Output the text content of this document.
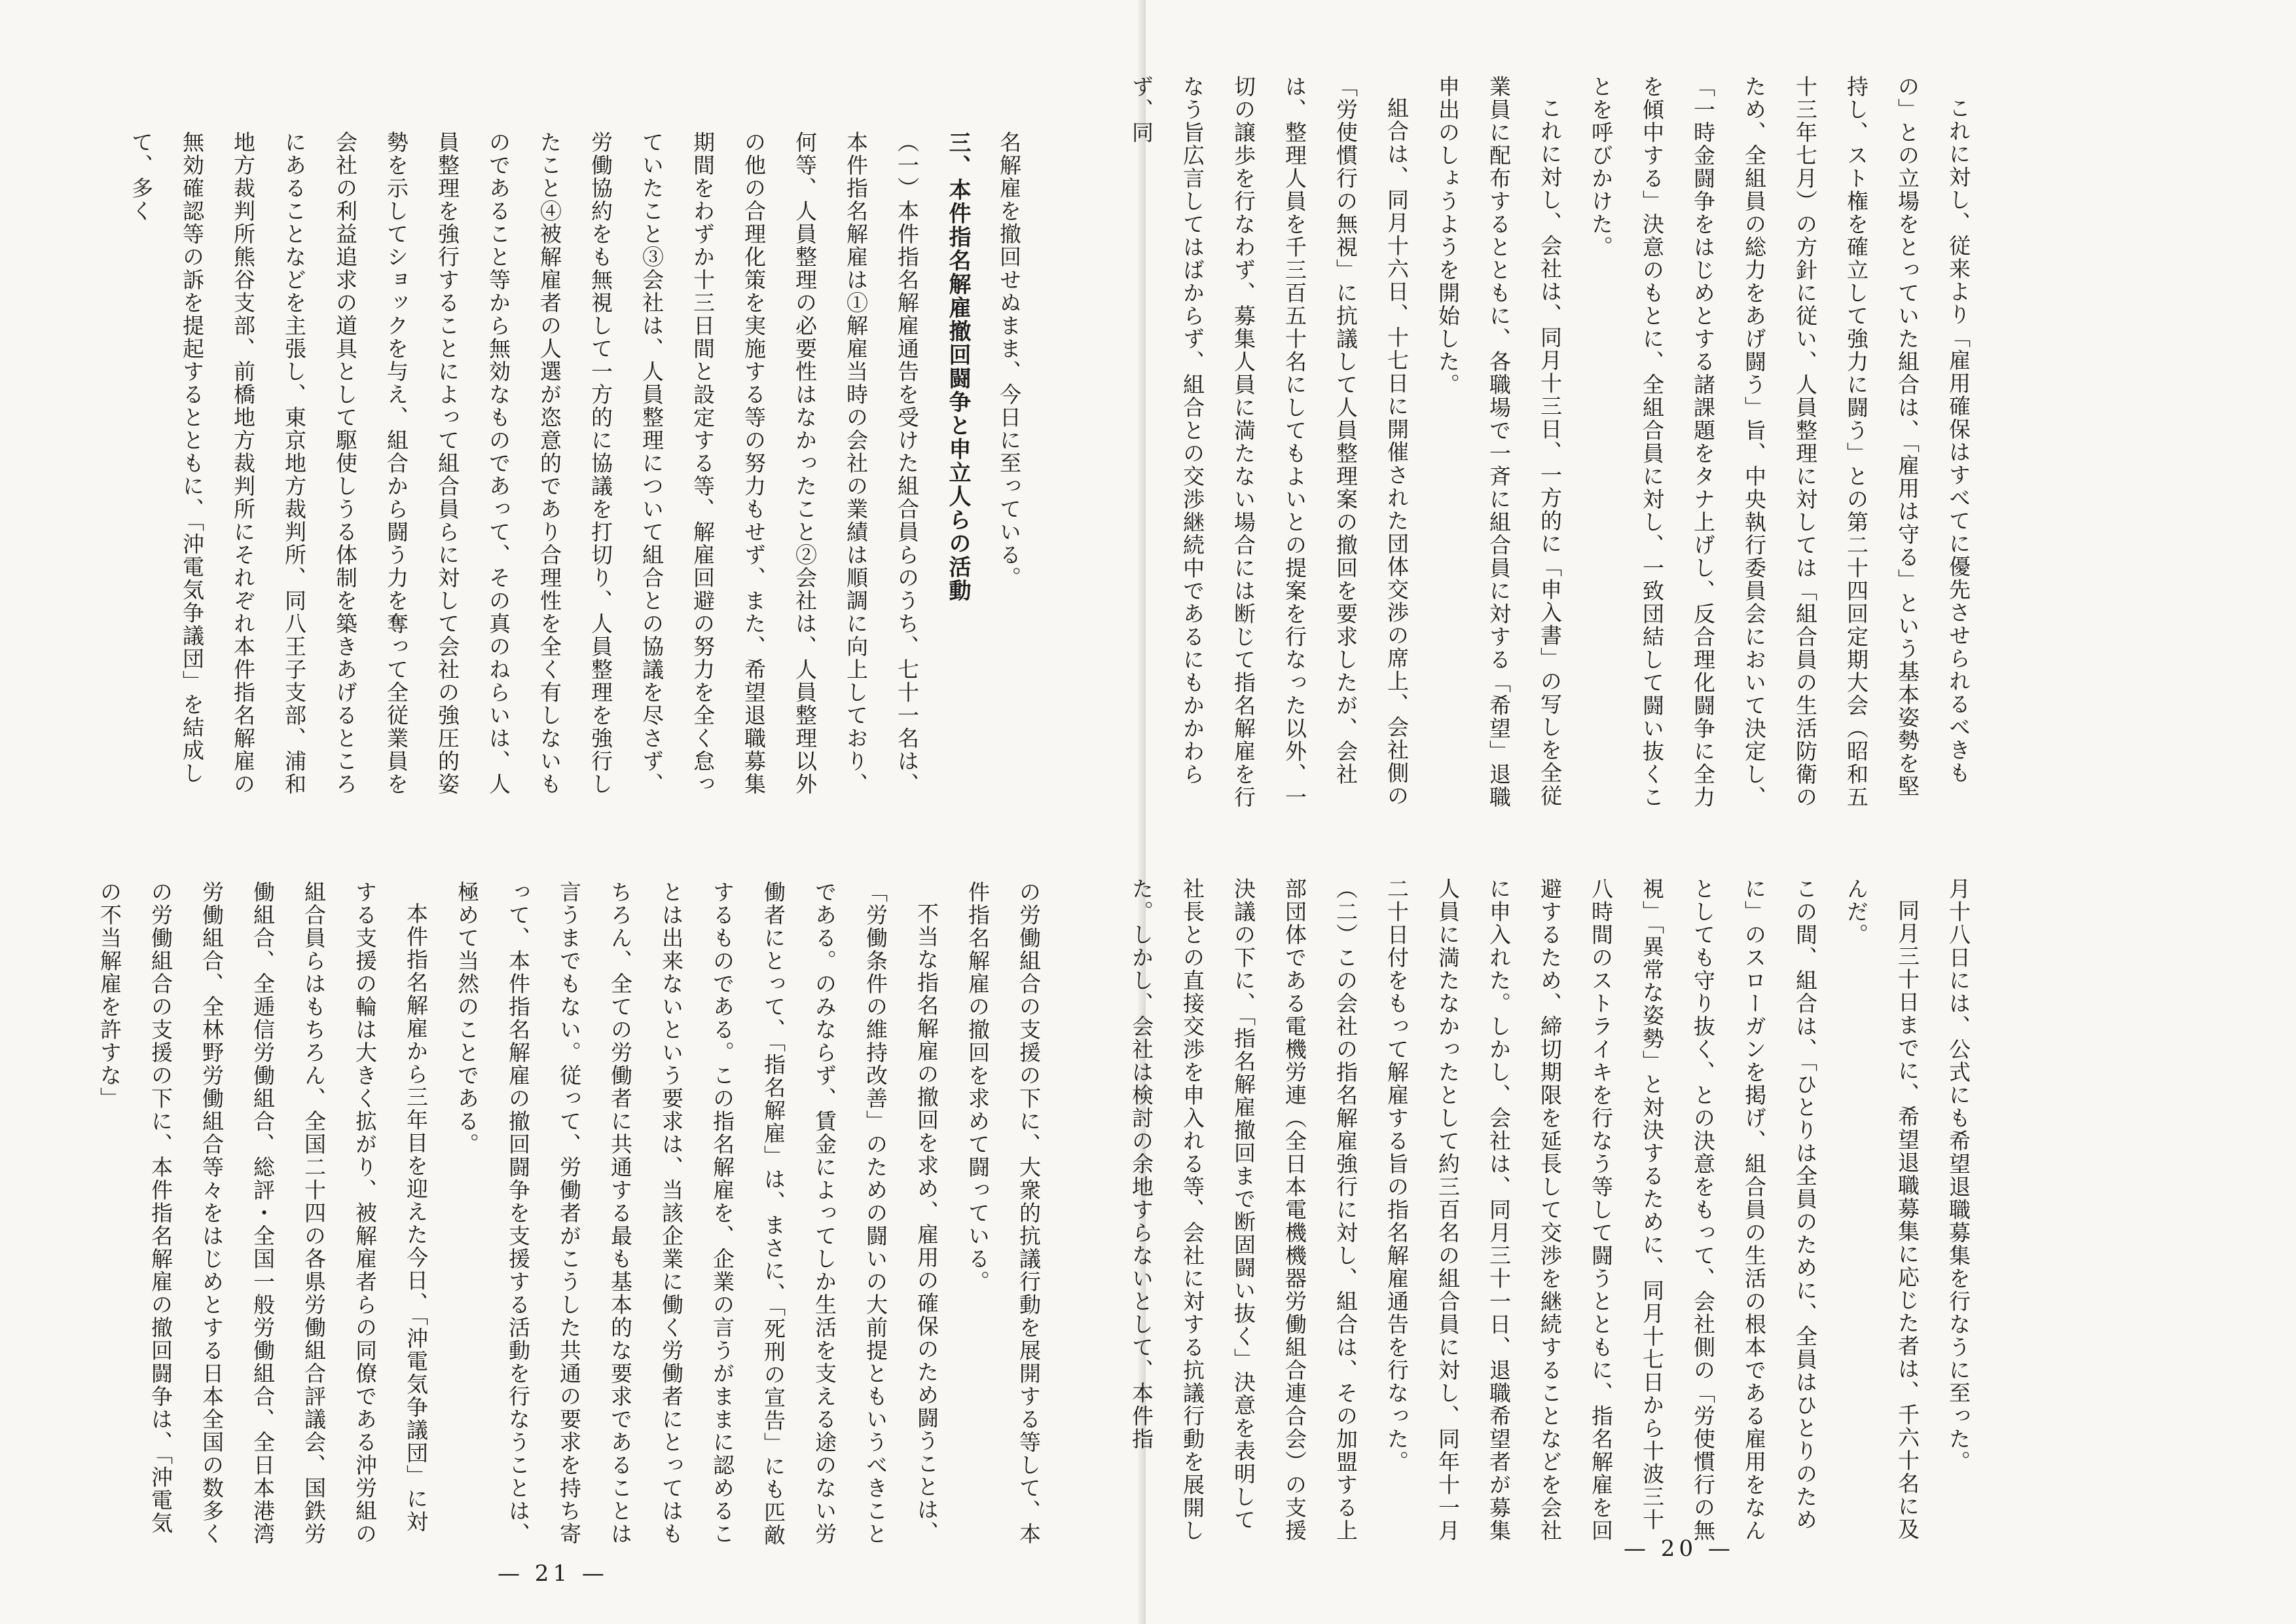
名解雇を撤回せぬまま、今日に至っている。

三、本件指名解雇撤回闘争と申立人らの活動

（一）本件指名解雇通告を受けた組合員らのうち、七十一名は、本件指名解雇は①解雇当時の会社の業績は順調に向上しており、何等、人員整理の必要性はなかったこと②会社は、人員整理以外の他の合理化策を実施する等の努力もせず、また、希望退職募集期間をわずか十三日間と設定する等、解雇回避の努力を全く怠っていたこと③会社は、人員整理について組合との協議を尽さず、労働協約をも無視して一方的に協議を打切り、人員整理を強行したこと④被解雇者の人選が恣意的であり合理性を全く有しないものであること等から無効なものであって、その真のねらいは、人員整理を強行することによって組合員らに対して会社の強圧的姿勢を示してショックを与え、組合から闘う力を奪って全従業員を会社の利益追求の道具として駆使しうる体制を築きあげるところにあることなどを主張し、東京地方裁判所、同八王子支部、浦和地方裁判所熊谷支部、前橋地方裁判所にそれぞれ本件指名解雇の無効確認等の訴を提起するとともに、「沖電気争議団」を結成して、多く

の労働組合の支援の下に、大衆的抗議行動を展開する等して、本件指名解雇の撤回を求めて闘っている。

不当な指名解雇の撤回を求め、雇用の確保のため闘うことは、「労働条件の維持改善」のための闘いの大前提ともいうべきことである。のみならず、賃金によってしか生活を支える途のない労働者にとって、「指名解雇」は、まさに、「死刑の宣告」にも匹敵するものである。この指名解雇を、企業の言うがままに認めることは出来ないという要求は、当該企業に働く労働者にとってはもちろん、全ての労働者に共通する最も基本的な要求であることは言うまでもない。従って、労働者がこうした共通の要求を持ち寄って、本件指名解雇の撤回闘争を支援する活動を行なうことは、極めて当然のことである。

本件指名解雇から三年目を迎えた今日、「沖電気争議団」に対する支援の輪は大きく拡がり、被解雇者らの同僚である沖労組の組合員らはもちろん、全国二十四の各県労働組合評議会、国鉄労働組合、全逓信労働組合、総評・全国一般労働組合、全日本港湾労働組合、全林野労働組合等々をはじめとする日本全国の数多くの労働組合の支援の下に、本件指名解雇の撤回闘争は、「沖電気の不当解雇を許すな」

— 21 —

これに対し、従来より「雇用確保はすべてに優先させられるべきもの」との立場をとっていた組合は、「雇用は守る」という基本姿勢を堅持し、スト権を確立して強力に闘う」との第二十四回定期大会（昭和五十三年七月）の方針に従い、人員整理に対しては「組合員の生活防衛のため、全組員の総力をあげ闘う」旨、中央執行委員会において決定し、「一時金闘争をはじめとする諸課題をタナ上げし、反合理化闘争に全力を傾中する」決意のもとに、全組合員に対し、一致団結して闘い抜くことを呼びかけた。

これに対し、会社は、同月十三日、一方的に「申入書」の写しを全従業員に配布するとともに、各職場で一斉に組合員に対する「希望」退職申出のしょうようを開始した。

組合は、同月十六日、十七日に開催された団体交渉の席上、会社側の「労使慣行の無視」に抗議して人員整理案の撤回を要求したが、会社は、整理人員を千三百五十名にしてもよいとの提案を行なった以外、一切の譲歩を行なわず、募集人員に満たない場合には断じて指名解雇を行なう旨広言してはばからず、組合との交渉継続中であるにもかかわらず、同

月十八日には、公式にも希望退職募集を行なうに至った。

同月三十日までに、希望退職募集に応じた者は、千六十名に及んだ。

この間、組合は、「ひとりは全員のために、全員はひとりのために」のスローガンを掲げ、組合員の生活の根本である雇用をなんとしても守り抜く、との決意をもって、会社側の「労使慣行の無視」「異常な姿勢」と対決するために、同月十七日から十波三十八時間のストライキを行なう等して闘うとともに、指名解雇を回避するため、締切期限を延長して交渉を継続することなどを会社に申入れた。しかし、会社は、同月三十一日、退職希望者が募集人員に満たなかったとして約三百名の組合員に対し、同年十一月二十日付をもって解雇する旨の指名解雇通告を行なった。

（二）この会社の指名解雇強行に対し、組合は、その加盟する上部団体である電機労連（全日本電機機器労働組合連合会）の支援決議の下に、「指名解雇撤回まで断固闘い抜く」決意を表明して社長との直接交渉を申入れる等、会社に対する抗議行動を展開した。しかし、会社は検討の余地すらないとして、本件指

— 20 —
